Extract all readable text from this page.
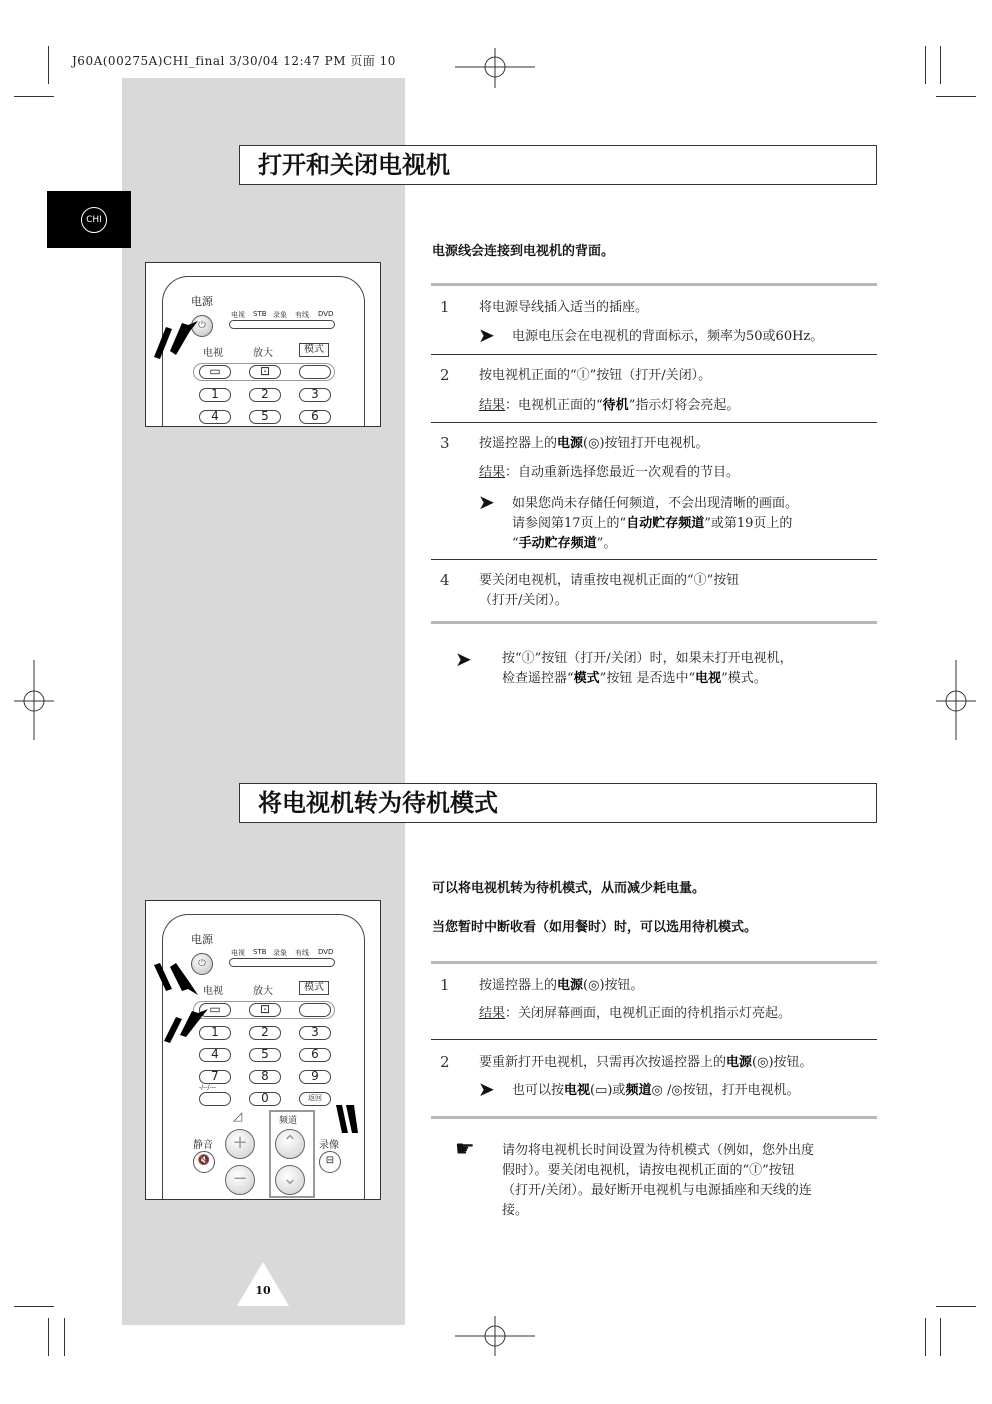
J60A(00275A)CHI_final 3/30/04 12:47 PM 页面 10
CHI
打开和关闭电视机
电源
电视 STB 录象 有线 DVD
⏻
电视	放大	模式
▭	⊡
1	2	3
4	5	6
电源线会连接到电视机的背面。
1 将电源导线插入适当的插座。
➤ 电源电压会在电视机的背面标示，频率为50或60Hz。
2 按电视机正面的“Ⓘ”按钮（打开/关闭）。
结果：电视机正面的“待机”指示灯将会亮起。
3 按遥控器上的电源(◎)按钮打开电视机。
结果：自动重新选择您最近一次观看的节目。
➤ 如果您尚未存储任何频道，不会出现清晰的画面。
请参阅第17页上的“自动贮存频道”或第19页上的
“手动贮存频道”。
4 要关闭电视机，请重按电视机正面的“Ⓘ”按钮
（打开/关闭）。
➤ 按“Ⓘ”按钮（打开/关闭）时，如果未打开电视机，
检查遥控器“模式”按钮 是否选中“电视”模式。
将电视机转为待机模式
电源
电视 STB 录象 有线 DVD
⏻
电视	放大	模式
▭	⊡
1	2	3
4	5	6
7	8	9
-/--/---
0	返回
◿	频道
静音
🔇
+
−
⌃
⌄
录像
⊟
可以将电视机转为待机模式，从而减少耗电量。
当您暂时中断收看（如用餐时）时，可以选用待机模式。
1 按遥控器上的电源(◎)按钮。
结果：关闭屏幕画面，电视机正面的待机指示灯亮起。
2 要重新打开电视机，只需再次按遥控器上的电源(◎)按钮。
➤ 也可以按电视(▭)或频道◎ /◎按钮，打开电视机。
☛ 请勿将电视机长时间设置为待机模式（例如，您外出度
假时）。要关闭电视机，请按电视机正面的“Ⓘ”按钮
（打开/关闭）。最好断开电视机与电源插座和天线的连
接。
10
